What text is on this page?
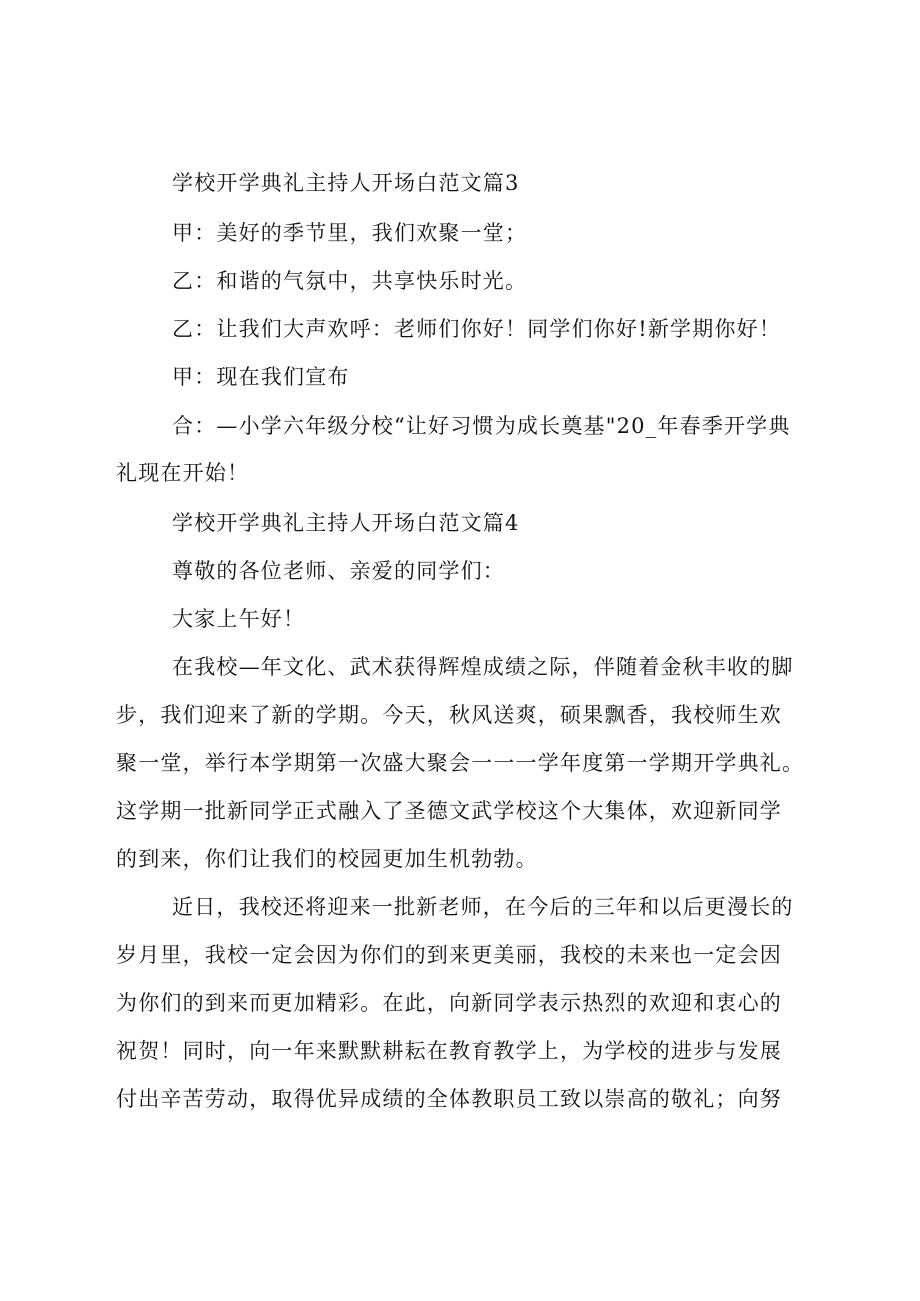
学校开学典礼主持人开场白范文篇3
甲：美好的季节里，我们欢聚一堂；
乙：和谐的气氛中，共享快乐时光。
乙：让我们大声欢呼：老师们你好！同学们你好!新学期你好！
甲：现在我们宣布
合：—小学六年级分校“让好习惯为成长奠基"20_年春季开学典
礼现在开始！
学校开学典礼主持人开场白范文篇4
尊敬的各位老师、亲爱的同学们：
大家上午好！
在我校—年文化、武术获得辉煌成绩之际，伴随着金秋丰收的脚
步，我们迎来了新的学期。今天，秋风送爽，硕果飘香，我校师生欢
聚一堂，举行本学期第一次盛大聚会一一一学年度第一学期开学典礼。
这学期一批新同学正式融入了圣德文武学校这个大集体，欢迎新同学
的到来，你们让我们的校园更加生机勃勃。
近日，我校还将迎来一批新老师，在今后的三年和以后更漫长的
岁月里，我校一定会因为你们的到来更美丽，我校的未来也一定会因
为你们的到来而更加精彩。在此，向新同学表示热烈的欢迎和衷心的
祝贺！同时，向一年来默默耕耘在教育教学上，为学校的进步与发展
付出辛苦劳动，取得优异成绩的全体教职员工致以崇高的敬礼；向努
